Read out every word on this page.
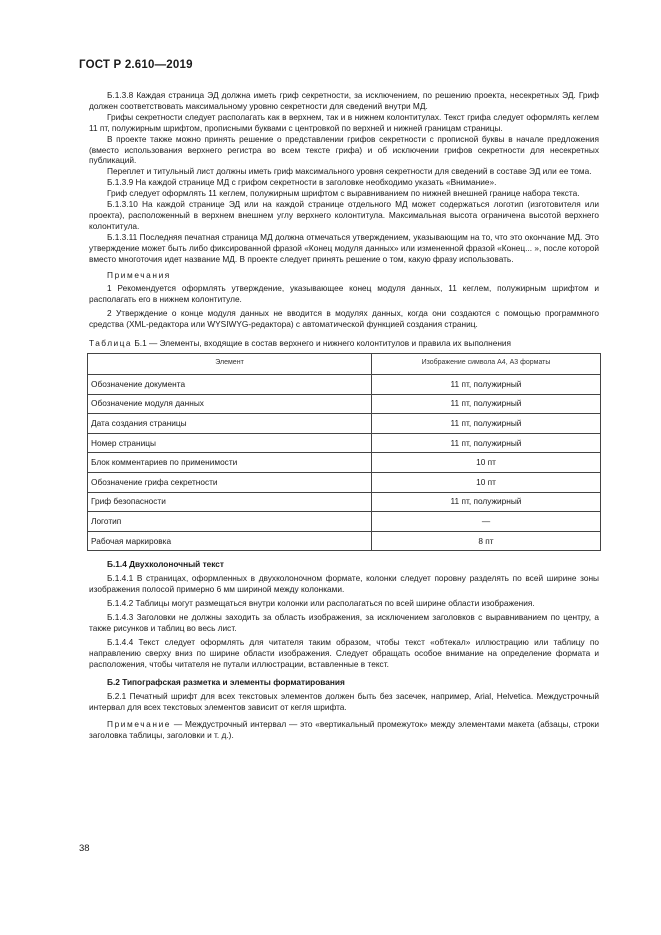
ГОСТ Р 2.610—2019

Б.1.3.8 Каждая страница ЭД должна иметь гриф секретности, за исключением, по решению проекта, несекретных ЭД. Гриф должен соответствовать максимальному уровню секретности для сведений внутри МД.

Грифы секретности следует располагать как в верхнем, так и в нижнем колонтитулах. Текст грифа следует оформлять кеглем 11 пт, полужирным шрифтом, прописными буквами с центровкой по верхней и нижней границам страницы.

В проекте также можно принять решение о представлении грифов секретности с прописной буквы в начале предложения (вместо использования верхнего регистра во всем тексте грифа) и об исключении грифов секретности для несекретных публикаций.

Переплет и титульный лист должны иметь гриф максимального уровня секретности для сведений в составе ЭД или ее тома.

Б.1.3.9 На каждой странице МД с грифом секретности в заголовке необходимо указать «Внимание».

Гриф следует оформлять 11 кеглем, полужирным шрифтом с выравниванием по нижней внешней границе набора текста.

Б.1.3.10 На каждой странице ЭД или на каждой странице отдельного МД может содержаться логотип (изготовителя или проекта), расположенный в верхнем внешнем углу верхнего колонтитула. Максимальная высота ограничена высотой верхнего колонтитула.

Б.1.3.11 Последняя печатная страница МД должна отмечаться утверждением, указывающим на то, что это окончание МД. Это утверждение может быть либо фиксированной фразой «Конец модуля данных» или измененной фразой «Конец... », после которой вместо многоточия идет название МД. В проекте следует принять решение о том, какую фразу использовать.

Примечания

1 Рекомендуется оформлять утверждение, указывающее конец модуля данных, 11 кеглем, полужирным шрифтом и располагать его в нижнем колонтитуле.

2 Утверждение о конце модуля данных не вводится в модулях данных, когда они создаются с помощью программного средства (XML-редактора или WYSIWYG-редактора) с автоматической функцией создания страниц.

Таблица Б.1 — Элементы, входящие в состав верхнего и нижнего колонтитулов и правила их выполнения

Элемент	Изображение символа А4, А3 форматы
Обозначение документа	11 пт, полужирный
Обозначение модуля данных	11 пт, полужирный
Дата создания страницы	11 пт, полужирный
Номер страницы	11 пт, полужирный
Блок комментариев по применимости	10 пт
Обозначение грифа секретности	10 пт
Гриф безопасности	11 пт, полужирный
Логотип	—
Рабочая маркировка	8 пт

Б.1.4 Двухколоночный текст

Б.1.4.1 В страницах, оформленных в двухколоночном формате, колонки следует поровну разделять по всей ширине зоны изображения полосой примерно 6 мм шириной между колонками.

Б.1.4.2 Таблицы могут размещаться внутри колонки или располагаться по всей ширине области изображения.

Б.1.4.3 Заголовки не должны заходить за область изображения, за исключением заголовков с выравниванием по центру, а также рисунков и таблиц во весь лист.

Б.1.4.4 Текст следует оформлять для читателя таким образом, чтобы текст «обтекал» иллюстрацию или таблицу по направлению сверху вниз по ширине области изображения. Следует обращать особое внимание на определение формата и расположения, чтобы читателя не путали иллюстрации, вставленные в текст.

Б.2 Типографская разметка и элементы форматирования

Б.2.1 Печатный шрифт для всех текстовых элементов должен быть без засечек, например, Arial, Helvetica. Междустрочный интервал для всех текстовых элементов зависит от кегля шрифта.

Примечание — Междустрочный интервал — это «вертикальный промежуток» между элементами макета (абзацы, строки заголовка таблицы, заголовки и т. д.).

38
